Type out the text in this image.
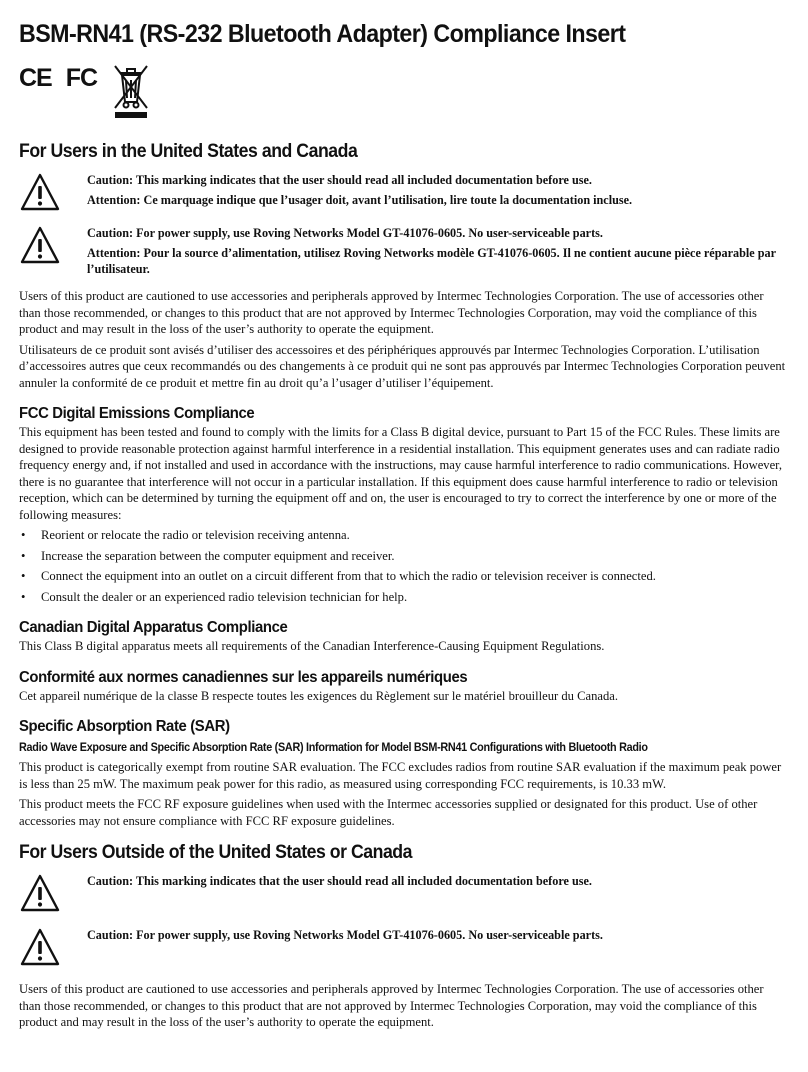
BSM-RN41 (RS-232 Bluetooth Adapter) Compliance Insert
CE FC
For Users in the United States and Canada

Caution: This marking indicates that the user should read all included documentation before use.

Attention: Ce marquage indique que l’usager doit, avant l’utilisation, lire toute la documentation incluse.

Caution: For power supply, use Roving Networks Model GT-41076-0605. No user-serviceable parts.

Attention: Pour la source d’alimentation, utilisez Roving Networks modèle GT-41076-0605. Il ne contient aucune pièce réparable par l’utilisateur.

Users of this product are cautioned to use accessories and peripherals approved by Intermec Technologies Corporation. The use of accessories other than those recommended, or changes to this product that are not approved by Intermec Technologies Corporation, may void the compliance of this product and may result in the loss of the user’s authority to operate the equipment.

Utilisateurs de ce produit sont avisés d’utiliser des accessoires et des périphériques approuvés par Intermec Technologies Corporation. L’utilisation d’accessoires autres que ceux recommandés ou des changements à ce produit qui ne sont pas approuvés par Intermec Technologies Corporation peuvent annuler la conformité de ce produit et mettre fin au droit qu’a l’usager d’utiliser l’équipement.

FCC Digital Emissions Compliance

This equipment has been tested and found to comply with the limits for a Class B digital device, pursuant to Part 15 of the FCC Rules. These limits are designed to provide reasonable protection against harmful interference in a residential installation. This equipment generates uses and can radiate radio frequency energy and, if not installed and used in accordance with the instructions, may cause harmful interference to radio communications. However, there is no guarantee that interference will not occur in a particular installation. If this equipment does cause harmful interference to radio or television reception, which can be determined by turning the equipment off and on, the user is encouraged to try to correct the interference by one or more of the following measures:

• Reorient or relocate the radio or television receiving antenna.
• Increase the separation between the computer equipment and receiver.
• Connect the equipment into an outlet on a circuit different from that to which the radio or television receiver is connected.
• Consult the dealer or an experienced radio television technician for help.
Canadian Digital Apparatus Compliance

This Class B digital apparatus meets all requirements of the Canadian Interference-Causing Equipment Regulations.

Conformité aux normes canadiennes sur les appareils numériques

Cet appareil numérique de la classe B respecte toutes les exigences du Règlement sur le matériel brouilleur du Canada.

Specific Absorption Rate (SAR)
Radio Wave Exposure and Specific Absorption Rate (SAR) Information for Model BSM-RN41 Configurations with Bluetooth Radio

This product is categorically exempt from routine SAR evaluation. The FCC excludes radios from routine SAR evaluation if the maximum peak power is less than 25 mW. The maximum peak power for this radio, as measured using corresponding FCC requirements, is 10.33 mW.

This product meets the FCC RF exposure guidelines when used with the Intermec accessories supplied or designated for this product. Use of other accessories may not ensure compliance with FCC RF exposure guidelines.

For Users Outside of the United States or Canada

Caution: This marking indicates that the user should read all included documentation before use.

Caution: For power supply, use Roving Networks Model GT-41076-0605. No user-serviceable parts.

Users of this product are cautioned to use accessories and peripherals approved by Intermec Technologies Corporation. The use of accessories other than those recommended, or changes to this product that are not approved by Intermec Technologies Corporation, may void the compliance of this product and may result in the loss of the user’s authority to operate the equipment.
